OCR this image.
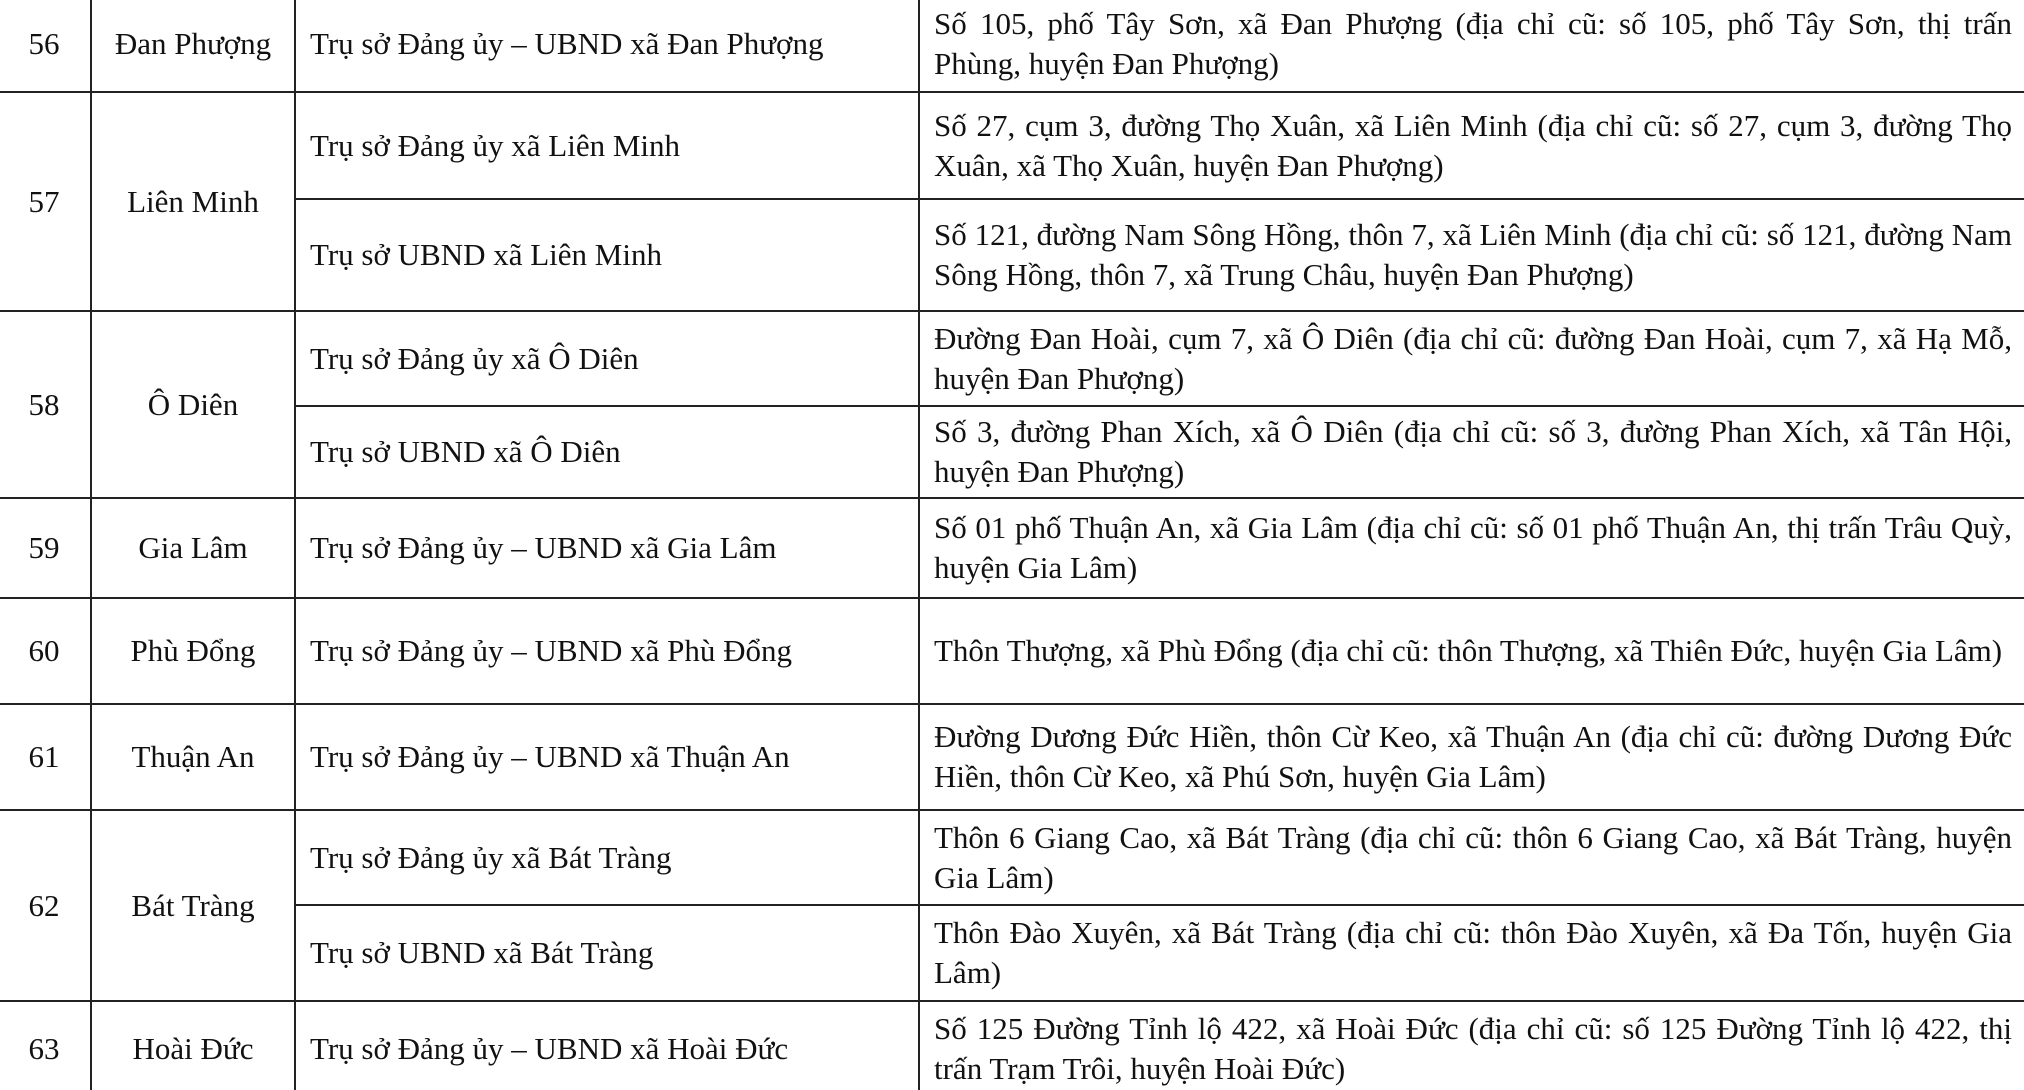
56	Đan Phượng	Trụ sở Đảng ủy – UBND xã Đan Phượng	Số 105, phố Tây Sơn, xã Đan Phượng (địa chỉ cũ: số 105, phố Tây Sơn, thị trấn Phùng, huyện Đan Phượng)
57	Liên Minh	Trụ sở Đảng ủy xã Liên Minh	Số 27, cụm 3, đường Thọ Xuân, xã Liên Minh (địa chỉ cũ: số 27, cụm 3, đường Thọ Xuân, xã Thọ Xuân, huyện Đan Phượng)
		Trụ sở UBND xã Liên Minh	Số 121, đường Nam Sông Hồng, thôn 7, xã Liên Minh (địa chỉ cũ: số 121, đường Nam Sông Hồng, thôn 7, xã Trung Châu, huyện Đan Phượng)
58	Ô Diên	Trụ sở Đảng ủy xã Ô Diên	Đường Đan Hoài, cụm 7, xã Ô Diên (địa chỉ cũ: đường Đan Hoài, cụm 7, xã Hạ Mỗ, huyện Đan Phượng)
		Trụ sở UBND xã Ô Diên	Số 3, đường Phan Xích, xã Ô Diên (địa chỉ cũ: số 3, đường Phan Xích, xã Tân Hội, huyện Đan Phượng)
59	Gia Lâm	Trụ sở Đảng ủy – UBND xã Gia Lâm	Số 01 phố Thuận An, xã Gia Lâm (địa chỉ cũ: số 01 phố Thuận An, thị trấn Trâu Quỳ, huyện Gia Lâm)
60	Phù Đổng	Trụ sở Đảng ủy – UBND xã Phù Đổng	Thôn Thượng, xã Phù Đổng (địa chỉ cũ: thôn Thượng, xã Thiên Đức, huyện Gia Lâm)
61	Thuận An	Trụ sở Đảng ủy – UBND xã Thuận An	Đường Dương Đức Hiền, thôn Cừ Keo, xã Thuận An (địa chỉ cũ: đường Dương Đức Hiền, thôn Cừ Keo, xã Phú Sơn, huyện Gia Lâm)
62	Bát Tràng	Trụ sở Đảng ủy xã Bát Tràng	Thôn 6 Giang Cao, xã Bát Tràng (địa chỉ cũ: thôn 6 Giang Cao, xã Bát Tràng, huyện Gia Lâm)
		Trụ sở UBND xã Bát Tràng	Thôn Đào Xuyên, xã Bát Tràng (địa chỉ cũ: thôn Đào Xuyên, xã Đa Tốn, huyện Gia Lâm)
63	Hoài Đức	Trụ sở Đảng ủy – UBND xã Hoài Đức	Số 125 Đường Tỉnh lộ 422, xã Hoài Đức (địa chỉ cũ: số 125 Đường Tỉnh lộ 422, thị trấn Trạm Trôi, huyện Hoài Đức)
